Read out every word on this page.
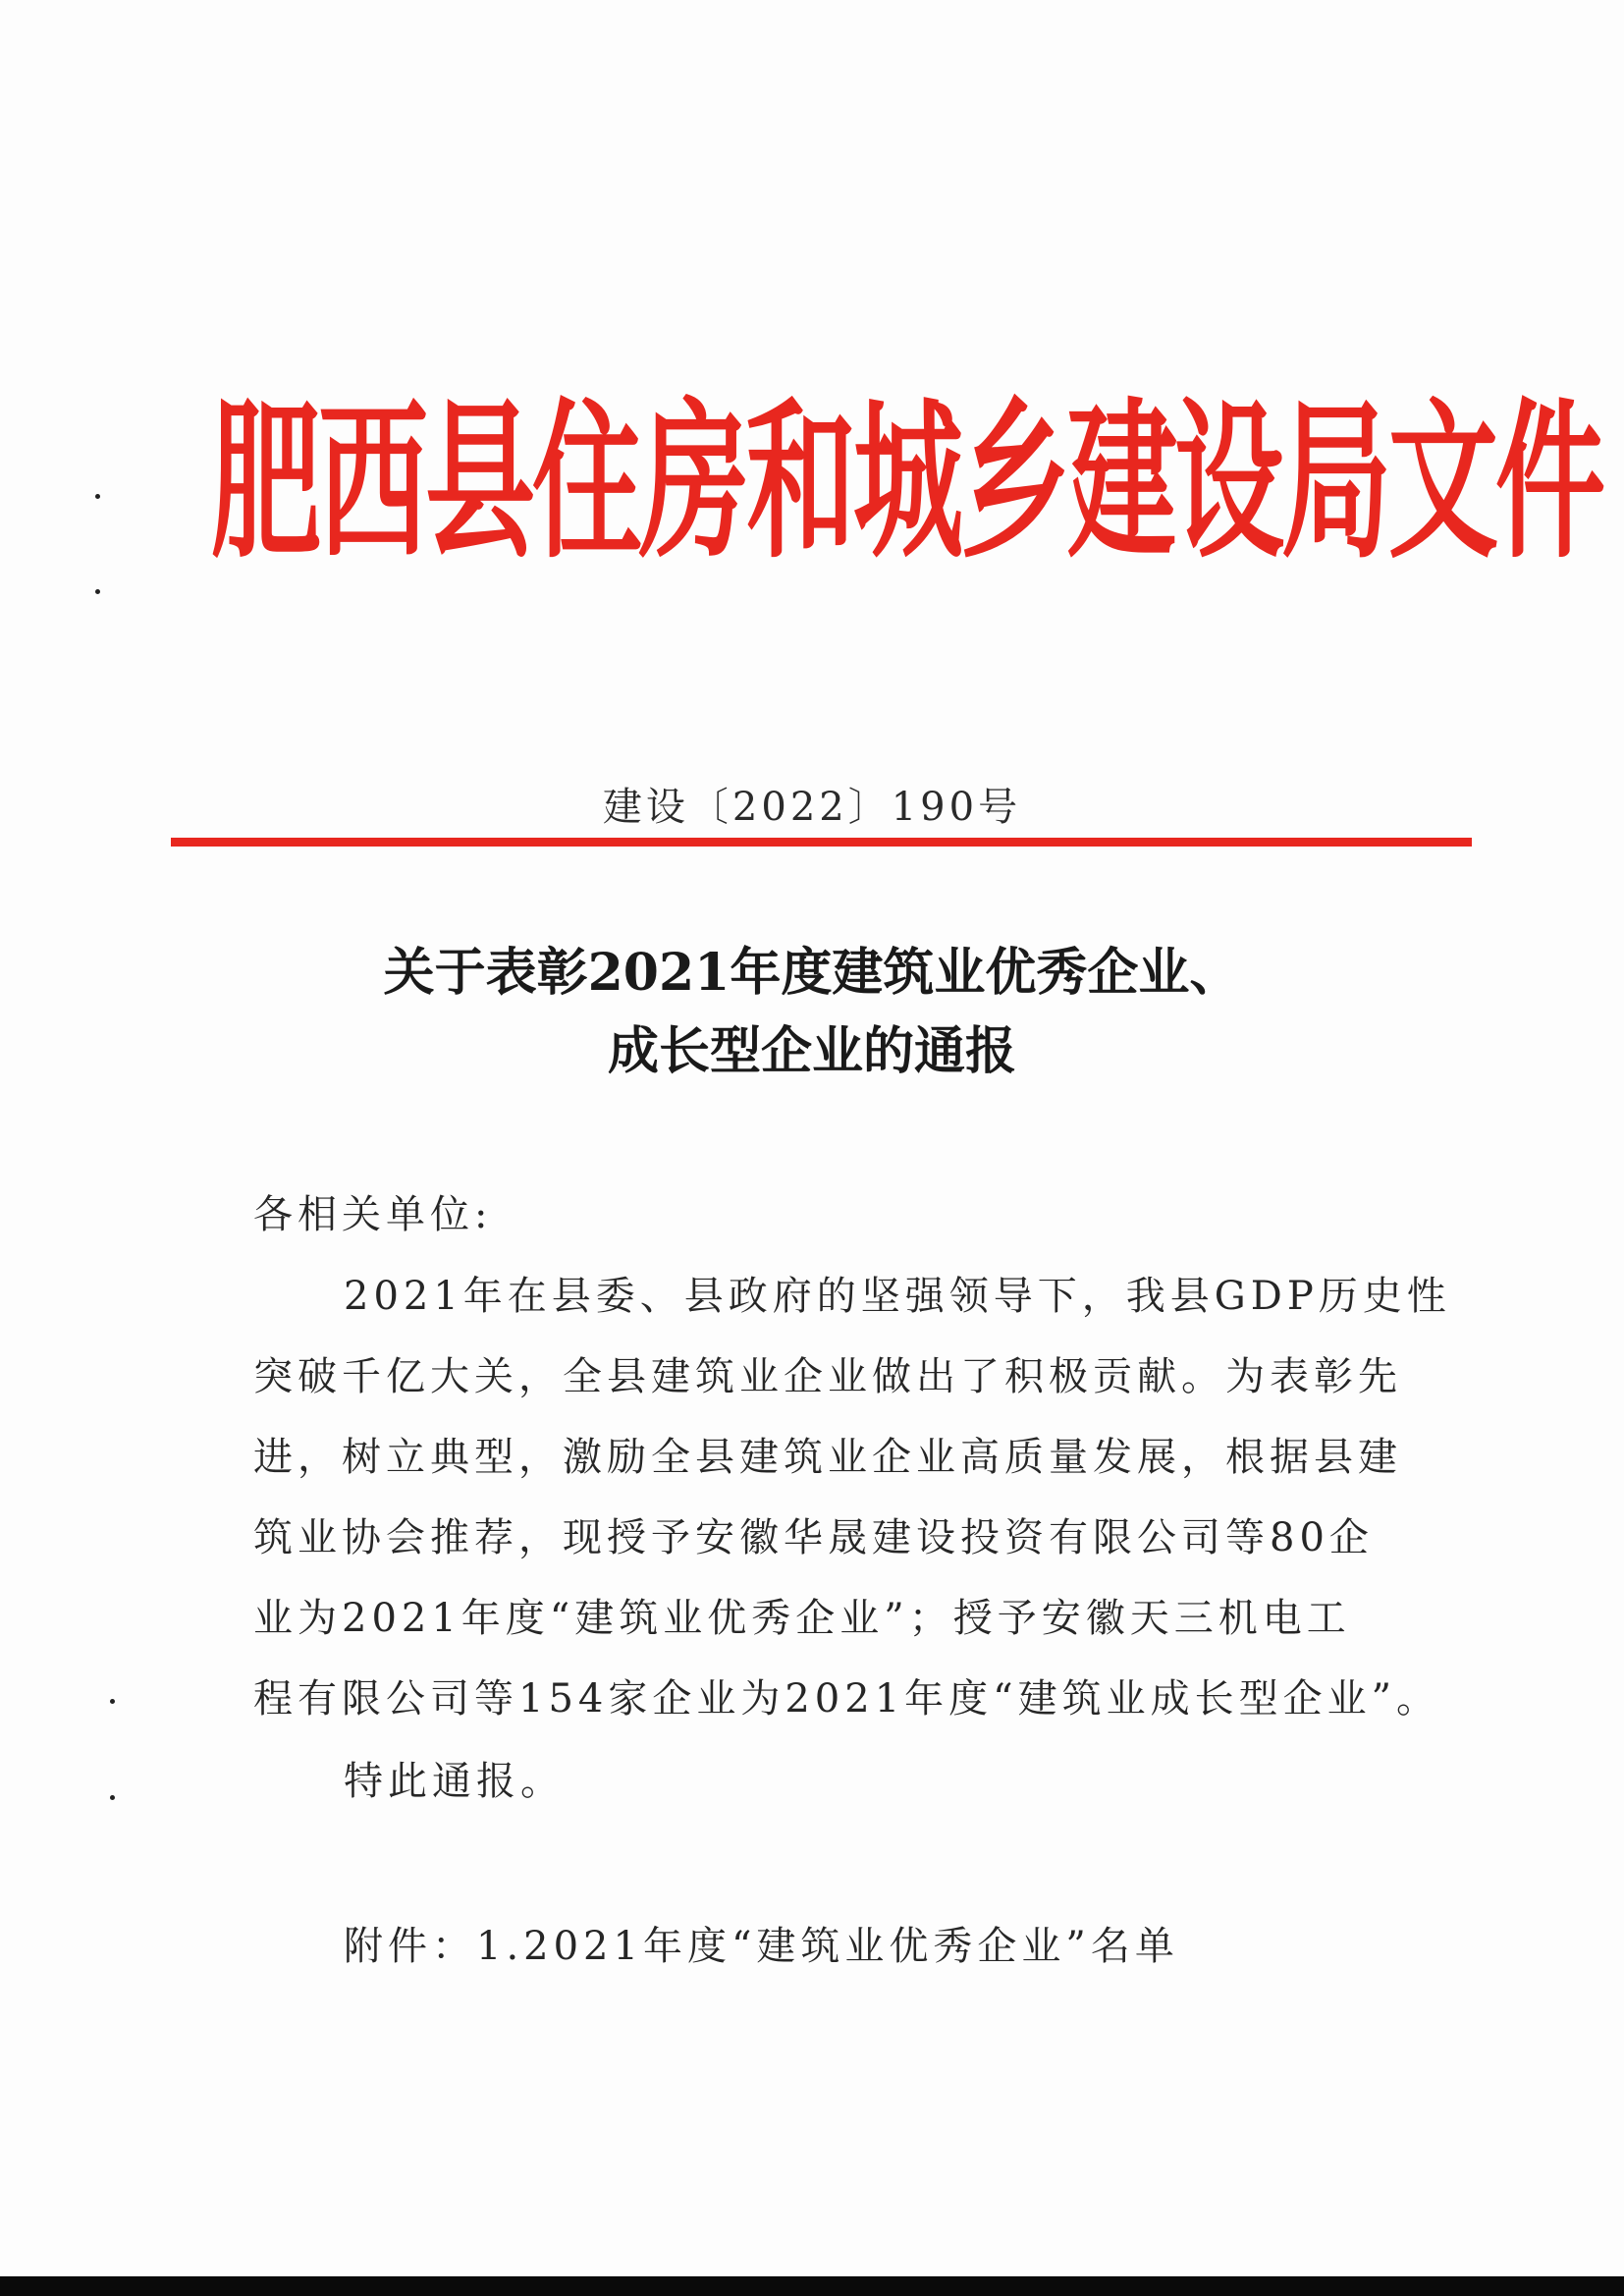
肥西县住房和城乡建设局文件
建设〔2022〕190号
关于表彰2021年度建筑业优秀企业、
成长型企业的通报
各相关单位:
2021年在县委、县政府的坚强领导下，我县GDP历史性
突破千亿大关，全县建筑业企业做出了积极贡献。为表彰先
进，树立典型，激励全县建筑业企业高质量发展，根据县建
筑业协会推荐，现授予安徽华晟建设投资有限公司等80企
业为2021年度“建筑业优秀企业”；授予安徽天三机电工
程有限公司等154家企业为2021年度“建筑业成长型企业”。
特此通报。
附件：1.2021年度“建筑业优秀企业”名单
